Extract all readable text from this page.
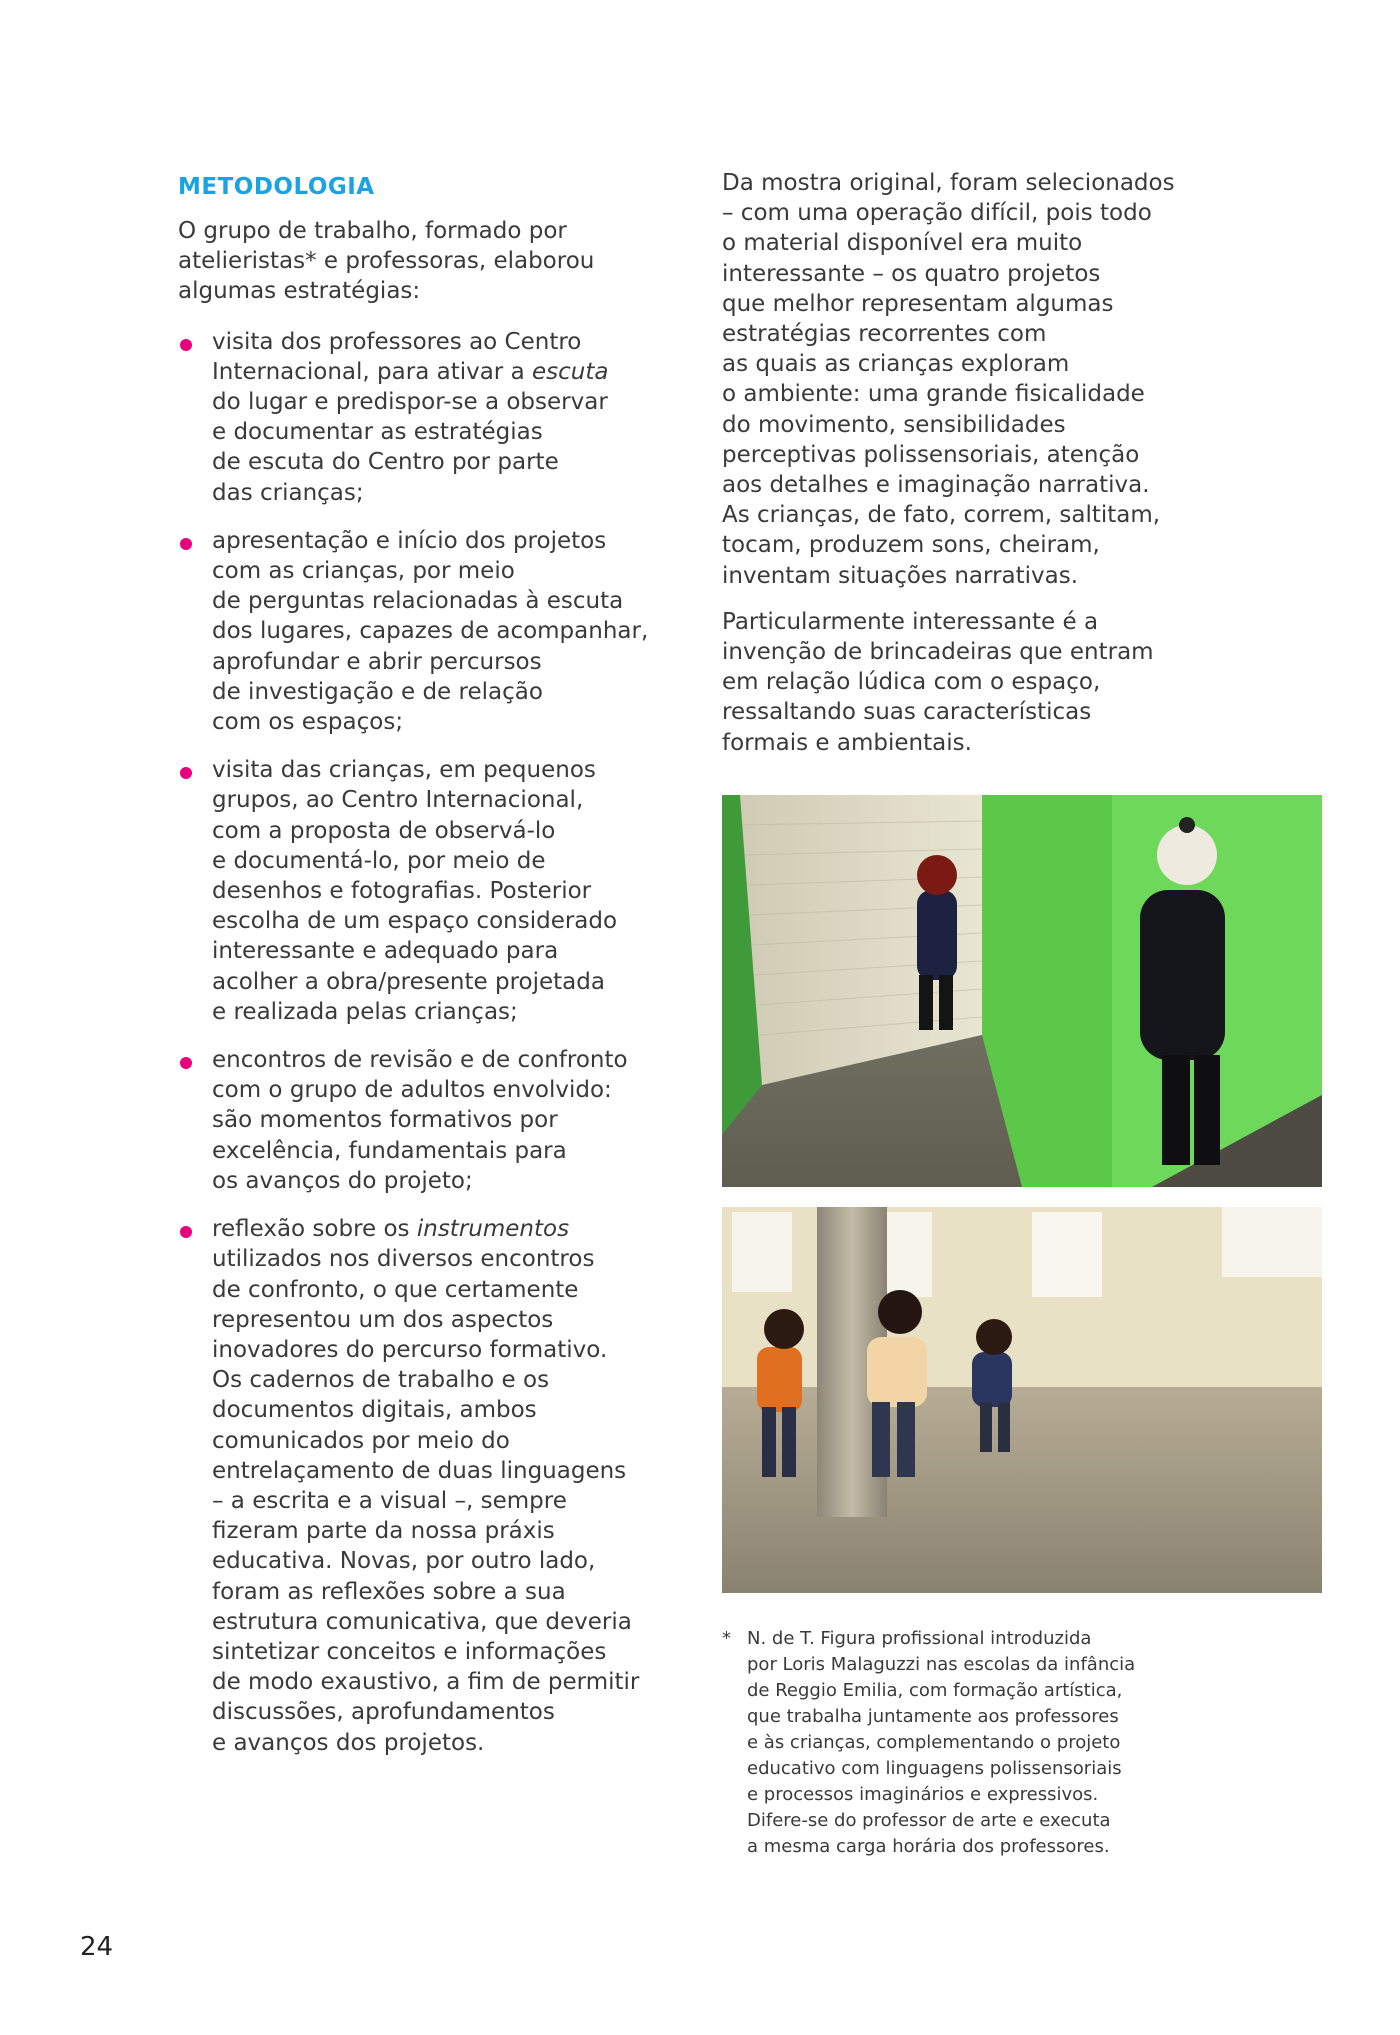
METODOLOGIA

O grupo de trabalho, formado por
atelieristas* e professoras, elaborou
algumas estratégias:

visita dos professores ao Centro
Internacional, para ativar a escuta
do lugar e predispor-se a observar
e documentar as estratégias
de escuta do Centro por parte
das crianças;
apresentação e início dos projetos
com as crianças, por meio
de perguntas relacionadas à escuta
dos lugares, capazes de acompanhar,
aprofundar e abrir percursos
de investigação e de relação
com os espaços;
visita das crianças, em pequenos
grupos, ao Centro Internacional,
com a proposta de observá-lo
e documentá-lo, por meio de
desenhos e fotografias. Posterior
escolha de um espaço considerado
interessante e adequado para
acolher a obra/presente projetada
e realizada pelas crianças;
encontros de revisão e de confronto
com o grupo de adultos envolvido:
são momentos formativos por
excelência, fundamentais para
os avanços do projeto;
reflexão sobre os instrumentos
utilizados nos diversos encontros
de confronto, o que certamente
representou um dos aspectos
inovadores do percurso formativo.
Os cadernos de trabalho e os
documentos digitais, ambos
comunicados por meio do
entrelaçamento de duas linguagens
– a escrita e a visual –, sempre
fizeram parte da nossa práxis
educativa. Novas, por outro lado,
foram as reflexões sobre a sua
estrutura comunicativa, que deveria
sintetizar conceitos e informações
de modo exaustivo, a fim de permitir
discussões, aprofundamentos
e avanços dos projetos.

Da mostra original, foram selecionados
– com uma operação difícil, pois todo
o material disponível era muito
interessante – os quatro projetos
que melhor representam algumas
estratégias recorrentes com
as quais as crianças exploram
o ambiente: uma grande fisicalidade
do movimento, sensibilidades
perceptivas polissensoriais, atenção
aos detalhes e imaginação narrativa.
As crianças, de fato, correm, saltitam,
tocam, produzem sons, cheiram,
inventam situações narrativas.

Particularmente interessante é a
invenção de brincadeiras que entram
em relação lúdica com o espaço,
ressaltando suas características
formais e ambientais.

* N. de T. Figura profissional introduzida
por Loris Malaguzzi nas escolas da infância
de Reggio Emilia, com formação artística,
que trabalha juntamente aos professores
e às crianças, complementando o projeto
educativo com linguagens polissensoriais
e processos imaginários e expressivos.
Difere-se do professor de arte e executa
a mesma carga horária dos professores.
24
